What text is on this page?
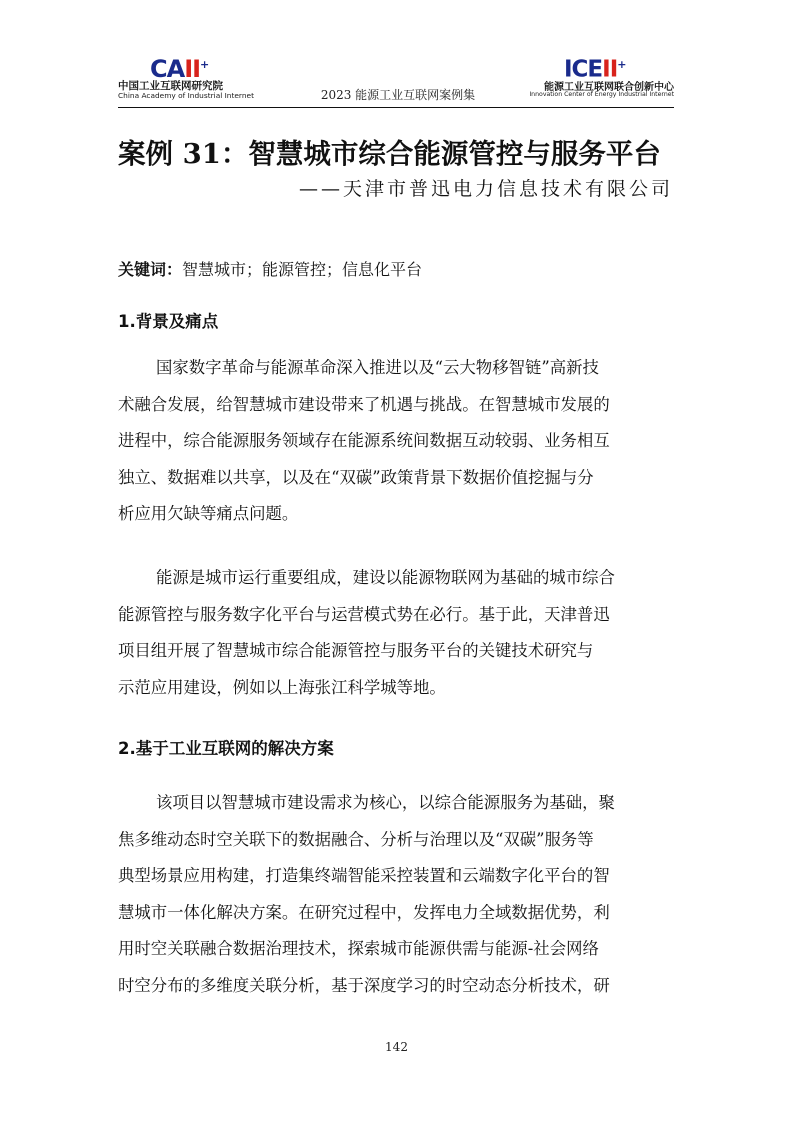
CAII+
中国工业互联网研究院
China Academy of Industrial Internet	2023 能源工业互联网案例集
ICEII+
能源工业互联网联合创新中心
Innovation Center of Energy Industrial Internet
案例 31：智慧城市综合能源管控与服务平台
——天津市普迅电力信息技术有限公司
关键词：智慧城市；能源管控；信息化平台
1.背景及痛点
国家数字革命与能源革命深入推进以及“云大物移智链”高新技
术融合发展，给智慧城市建设带来了机遇与挑战。在智慧城市发展的
进程中，综合能源服务领域存在能源系统间数据互动较弱、业务相互
独立、数据难以共享，以及在“双碳”政策背景下数据价值挖掘与分
析应用欠缺等痛点问题。
能源是城市运行重要组成，建设以能源物联网为基础的城市综合
能源管控与服务数字化平台与运营模式势在必行。基于此，天津普迅
项目组开展了智慧城市综合能源管控与服务平台的关键技术研究与
示范应用建设，例如以上海张江科学城等地。
2.基于工业互联网的解决方案
该项目以智慧城市建设需求为核心，以综合能源服务为基础，聚
焦多维动态时空关联下的数据融合、分析与治理以及“双碳”服务等
典型场景应用构建，打造集终端智能采控装置和云端数字化平台的智
慧城市一体化解决方案。在研究过程中，发挥电力全域数据优势，利
用时空关联融合数据治理技术，探索城市能源供需与能源-社会网络
时空分布的多维度关联分析，基于深度学习的时空动态分析技术，研
142
